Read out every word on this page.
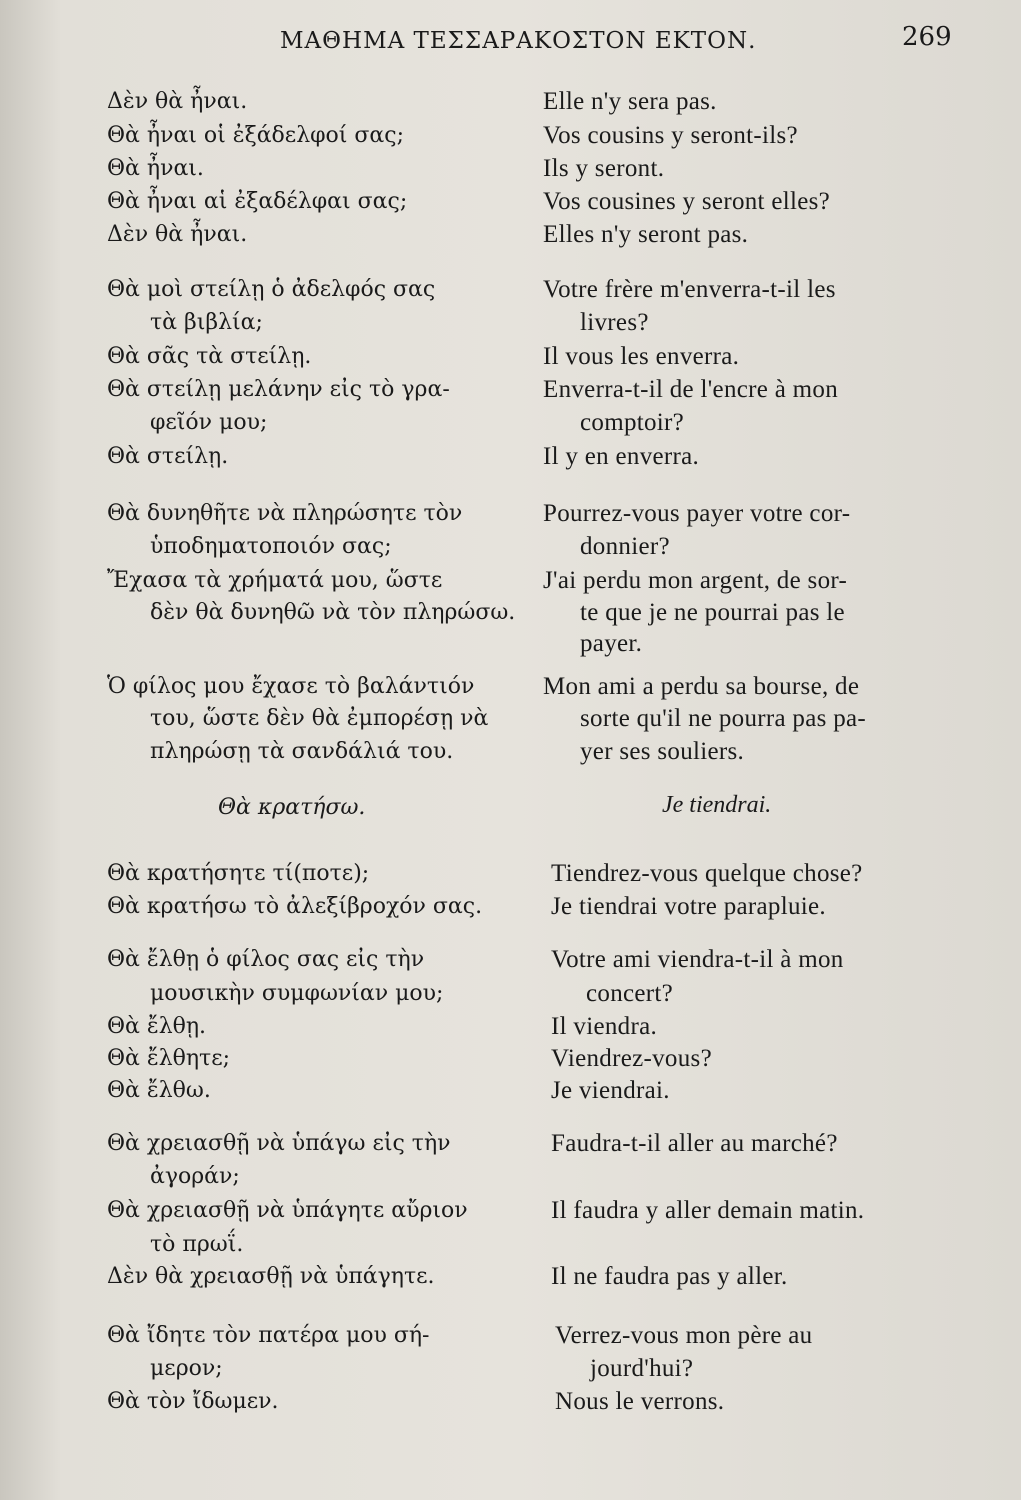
ΜΑΘΗΜΑ ΤΕΣΣΑΡΑΚΟΣΤΟΝ ΕΚΤΟΝ.	269
Δὲν θὰ ἦναι.	Elle n'y sera pas.
Θὰ ἦναι οἱ ἐξάδελφοί σας;	Vos cousins y seront-ils?
Θὰ ἦναι.	Ils y seront.
Θὰ ἦναι αἱ ἐξαδέλφαι σας;	Vos cousines y seront elles?
Δὲν θὰ ἦναι.	Elles n'y seront pas.
Θὰ μοὶ στείλῃ ὁ ἀδελφός σας	Votre frère m'enverra-t-il les
τὰ βιβλία;	livres?
Θὰ σᾶς τὰ στείλῃ.	Il vous les enverra.
Θὰ στείλῃ μελάνην εἰς τὸ γρα-	Enverra-t-il de l'encre à mon
φεῖόν μου;	comptoir?
Θὰ στείλῃ.	Il y en enverra.
Θὰ δυνηθῆτε νὰ πληρώσητε τὸν	Pourrez-vous payer votre cor-
ὑποδηματοποιόν σας;	donnier?
Ἔχασα τὰ χρήματά μου, ὥστε	J'ai perdu mon argent, de sor-
δὲν θὰ δυνηθῶ νὰ τὸν πληρώσω.	te que je ne pourrai pas le
payer.
Ὁ φίλος μου ἔχασε τὸ βαλάντιόν	Mon ami a perdu sa bourse, de
του, ὥστε δὲν θὰ ἐμπορέσῃ νὰ	sorte qu'il ne pourra pas pa-
πληρώσῃ τὰ σανδάλιά του.	yer ses souliers.
Θὰ κρατήσω.	Je tiendrai.
Θὰ κρατήσητε τί(ποτε);	Tiendrez-vous quelque chose?
Θὰ κρατήσω τὸ ἀλεξίβροχόν σας.	Je tiendrai votre parapluie.
Θὰ ἔλθῃ ὁ φίλος σας εἰς τὴν	Votre ami viendra-t-il à mon
μουσικὴν συμφωνίαν μου;	concert?
Θὰ ἔλθῃ.	Il viendra.
Θὰ ἔλθητε;	Viendrez-vous?
Θὰ ἔλθω.	Je viendrai.
Θὰ χρειασθῇ νὰ ὑπάγω εἰς τὴν	Faudra-t-il aller au marché?
ἀγοράν;
Θὰ χρειασθῇ νὰ ὑπάγητε αὔριον	Il faudra y aller demain matin.
τὸ πρωΐ.
Δὲν θὰ χρειασθῇ νὰ ὑπάγητε.	Il ne faudra pas y aller.
Θὰ ἴδητε τὸν πατέρα μου σή-	Verrez-vous mon père au
μερον;	jourd'hui?
Θὰ τὸν ἴδωμεν.	Nous le verrons.
